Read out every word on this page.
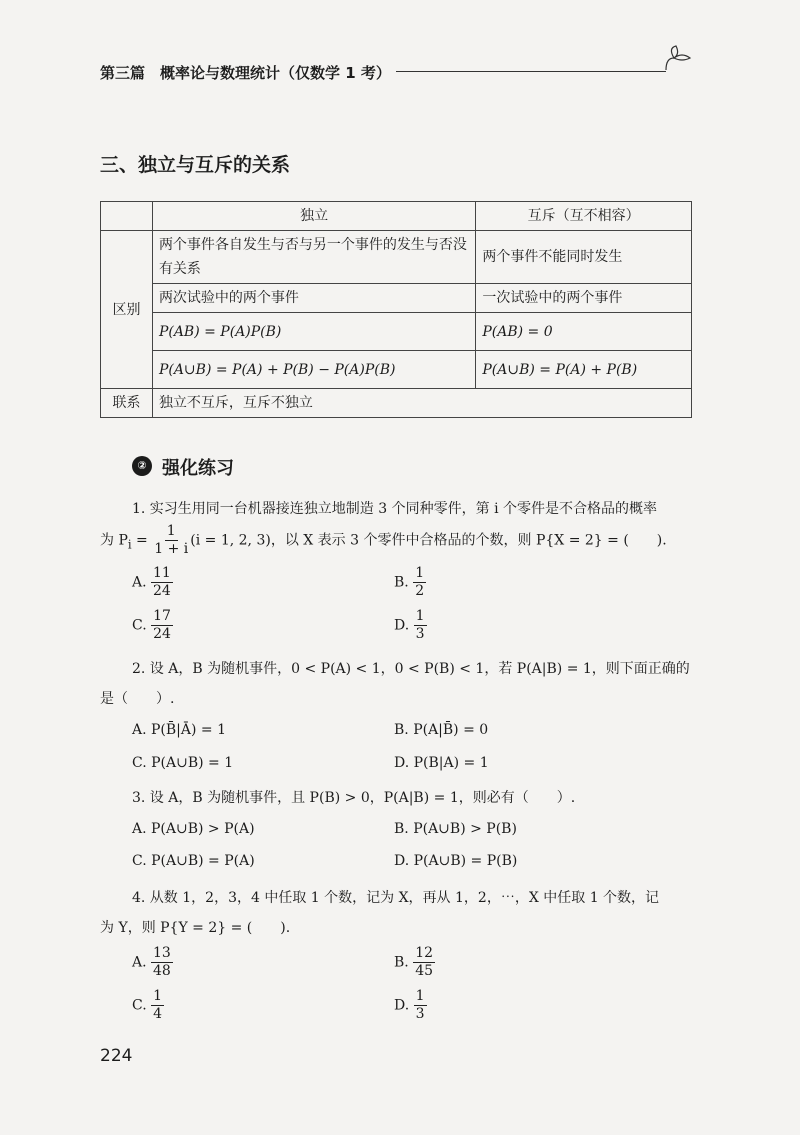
第三篇　概率论与数理统计（仅数学 1 考）
三、独立与互斥的关系
	独立	互斥（互不相容）
区别	两个事件各自发生与否与另一个事件的发生与否没有关系	两个事件不能同时发生
	两次试验中的两个事件	一次试验中的两个事件
	P(AB) = P(A)P(B)	P(AB) = 0
	P(A∪B) = P(A) + P(B) − P(A)P(B)	P(A∪B) = P(A) + P(B)
联系	独立不互斥，互斥不独立	
② 强化练习
1. 实习生用同一台机器接连独立地制造 3 个同种零件，第 i 个零件是不合格品的概率
为 $P_i = \frac{1}{1 + i} (i = 1$, 2, 3)，以 X 表示 3 个零件中合格品的个数，则 P{X = 2} = (　　).
A. $\frac{11}{24}$	B. $\frac{1}{2}$
C. $\frac{17}{24}$	D. $\frac{1}{3}$
2. 设 A，B 为随机事件，0 < P(A) < 1，0 < P(B) < 1，若 P(A|B) = 1，则下面正确的
是（　　）.
A. P(B̄|Ā) = 1	B. P(A|B̄) = 0
C. P(A∪B) = 1	D. P(B|A) = 1
3. 设 A，B 为随机事件，且 P(B) > 0，P(A|B) = 1，则必有（　　）.
A. P(A∪B) > P(A)	B. P(A∪B) > P(B)
C. P(A∪B) = P(A)	D. P(A∪B) = P(B)
4. 从数 1，2，3，4 中任取 1 个数，记为 X，再从 1，2，⋯，X 中任取 1 个数，记
为 Y，则 P{Y = 2} = (　　).
A. $\frac{13}{48}$	B. $\frac{12}{45}$
C. $\frac{1}{4}$	D. $\frac{1}{3}$
224
